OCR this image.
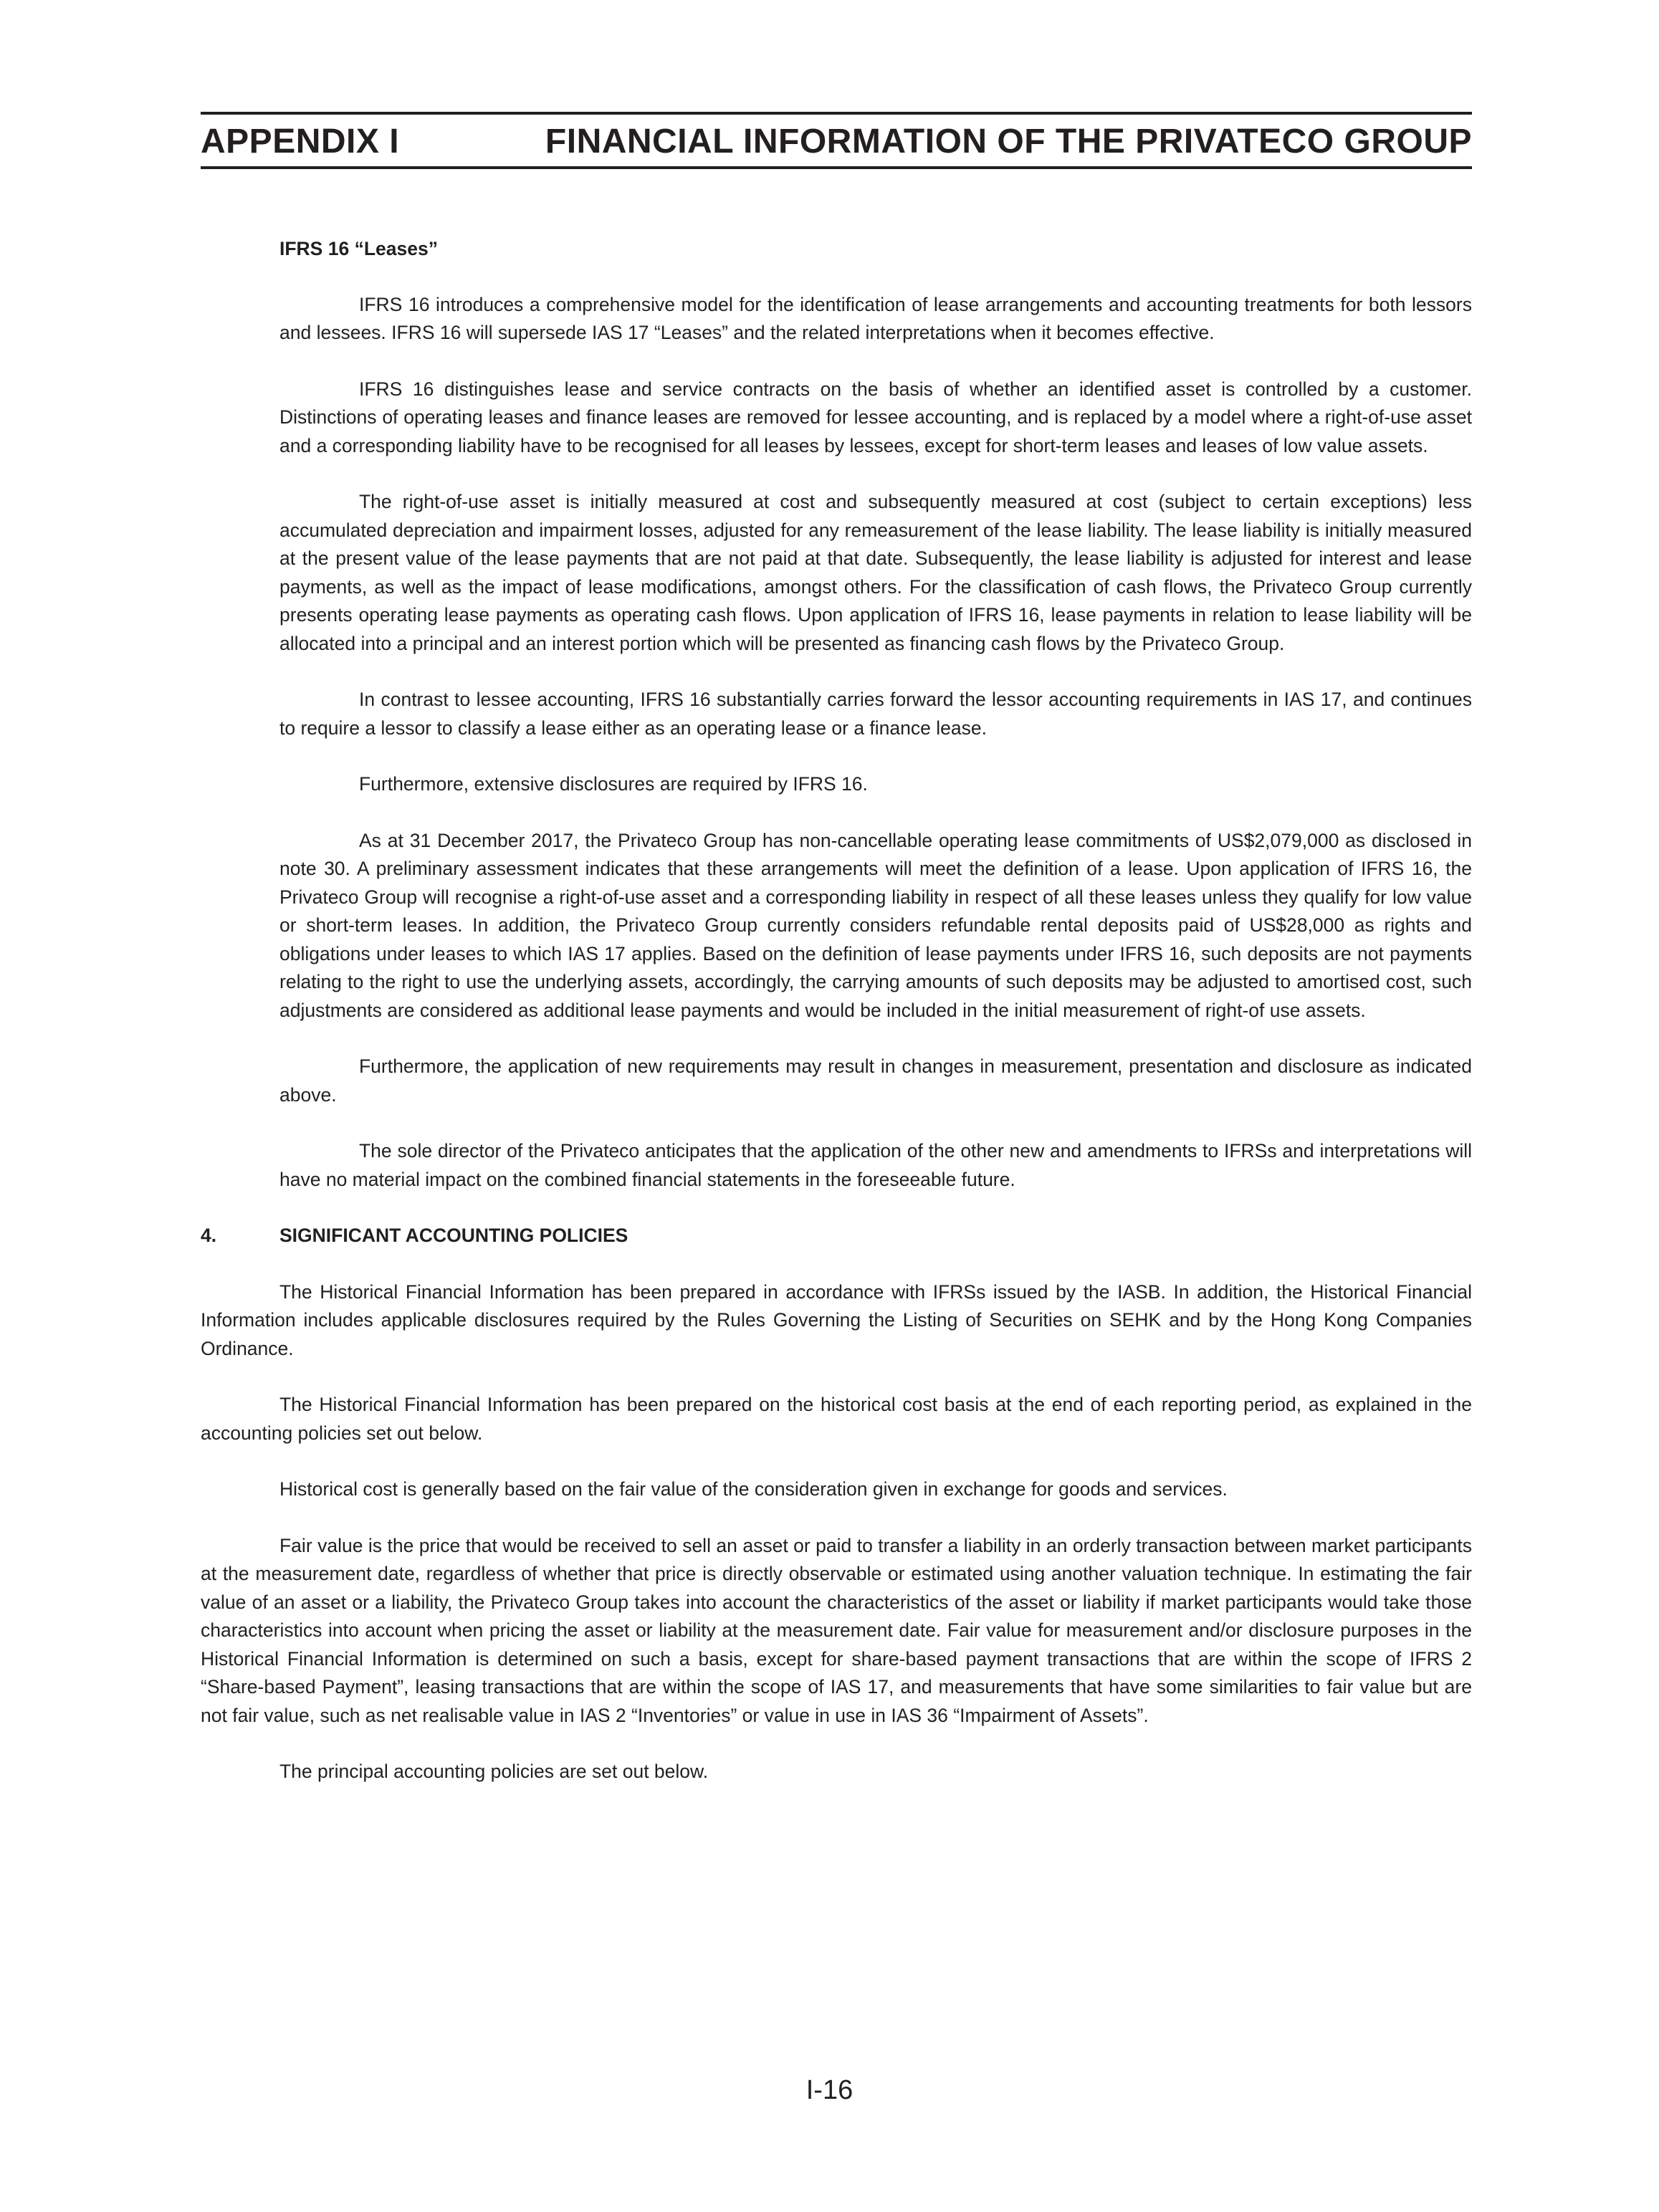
APPENDIX I	FINANCIAL INFORMATION OF THE PRIVATECO GROUP

IFRS 16 “Leases”

IFRS 16 introduces a comprehensive model for the identification of lease arrangements and accounting treatments for both lessors and lessees. IFRS 16 will supersede IAS 17 “Leases” and the related interpretations when it becomes effective.

IFRS 16 distinguishes lease and service contracts on the basis of whether an identified asset is controlled by a customer. Distinctions of operating leases and finance leases are removed for lessee accounting, and is replaced by a model where a right-of-use asset and a corresponding liability have to be recognised for all leases by lessees, except for short-term leases and leases of low value assets.

The right-of-use asset is initially measured at cost and subsequently measured at cost (subject to certain exceptions) less accumulated depreciation and impairment losses, adjusted for any remeasurement of the lease liability. The lease liability is initially measured at the present value of the lease payments that are not paid at that date. Subsequently, the lease liability is adjusted for interest and lease payments, as well as the impact of lease modifications, amongst others. For the classification of cash flows, the Privateco Group currently presents operating lease payments as operating cash flows. Upon application of IFRS 16, lease payments in relation to lease liability will be allocated into a principal and an interest portion which will be presented as financing cash flows by the Privateco Group.

In contrast to lessee accounting, IFRS 16 substantially carries forward the lessor accounting requirements in IAS 17, and continues to require a lessor to classify a lease either as an operating lease or a finance lease.

Furthermore, extensive disclosures are required by IFRS 16.

As at 31 December 2017, the Privateco Group has non-cancellable operating lease commitments of US$2,079,000 as disclosed in note 30. A preliminary assessment indicates that these arrangements will meet the definition of a lease. Upon application of IFRS 16, the Privateco Group will recognise a right-of-use asset and a corresponding liability in respect of all these leases unless they qualify for low value or short-term leases. In addition, the Privateco Group currently considers refundable rental deposits paid of US$28,000 as rights and obligations under leases to which IAS 17 applies. Based on the definition of lease payments under IFRS 16, such deposits are not payments relating to the right to use the underlying assets, accordingly, the carrying amounts of such deposits may be adjusted to amortised cost, such adjustments are considered as additional lease payments and would be included in the initial measurement of right-of use assets.

Furthermore, the application of new requirements may result in changes in measurement, presentation and disclosure as indicated above.

The sole director of the Privateco anticipates that the application of the other new and amendments to IFRSs and interpretations will have no material impact on the combined financial statements in the foreseeable future.

4.	SIGNIFICANT ACCOUNTING POLICIES

The Historical Financial Information has been prepared in accordance with IFRSs issued by the IASB. In addition, the Historical Financial Information includes applicable disclosures required by the Rules Governing the Listing of Securities on SEHK and by the Hong Kong Companies Ordinance.

The Historical Financial Information has been prepared on the historical cost basis at the end of each reporting period, as explained in the accounting policies set out below.

Historical cost is generally based on the fair value of the consideration given in exchange for goods and services.

Fair value is the price that would be received to sell an asset or paid to transfer a liability in an orderly transaction between market participants at the measurement date, regardless of whether that price is directly observable or estimated using another valuation technique. In estimating the fair value of an asset or a liability, the Privateco Group takes into account the characteristics of the asset or liability if market participants would take those characteristics into account when pricing the asset or liability at the measurement date. Fair value for measurement and/or disclosure purposes in the Historical Financial Information is determined on such a basis, except for share-based payment transactions that are within the scope of IFRS 2 “Share-based Payment”, leasing transactions that are within the scope of IAS 17, and measurements that have some similarities to fair value but are not fair value, such as net realisable value in IAS 2 “Inventories” or value in use in IAS 36 “Impairment of Assets”.

The principal accounting policies are set out below.

I-16
